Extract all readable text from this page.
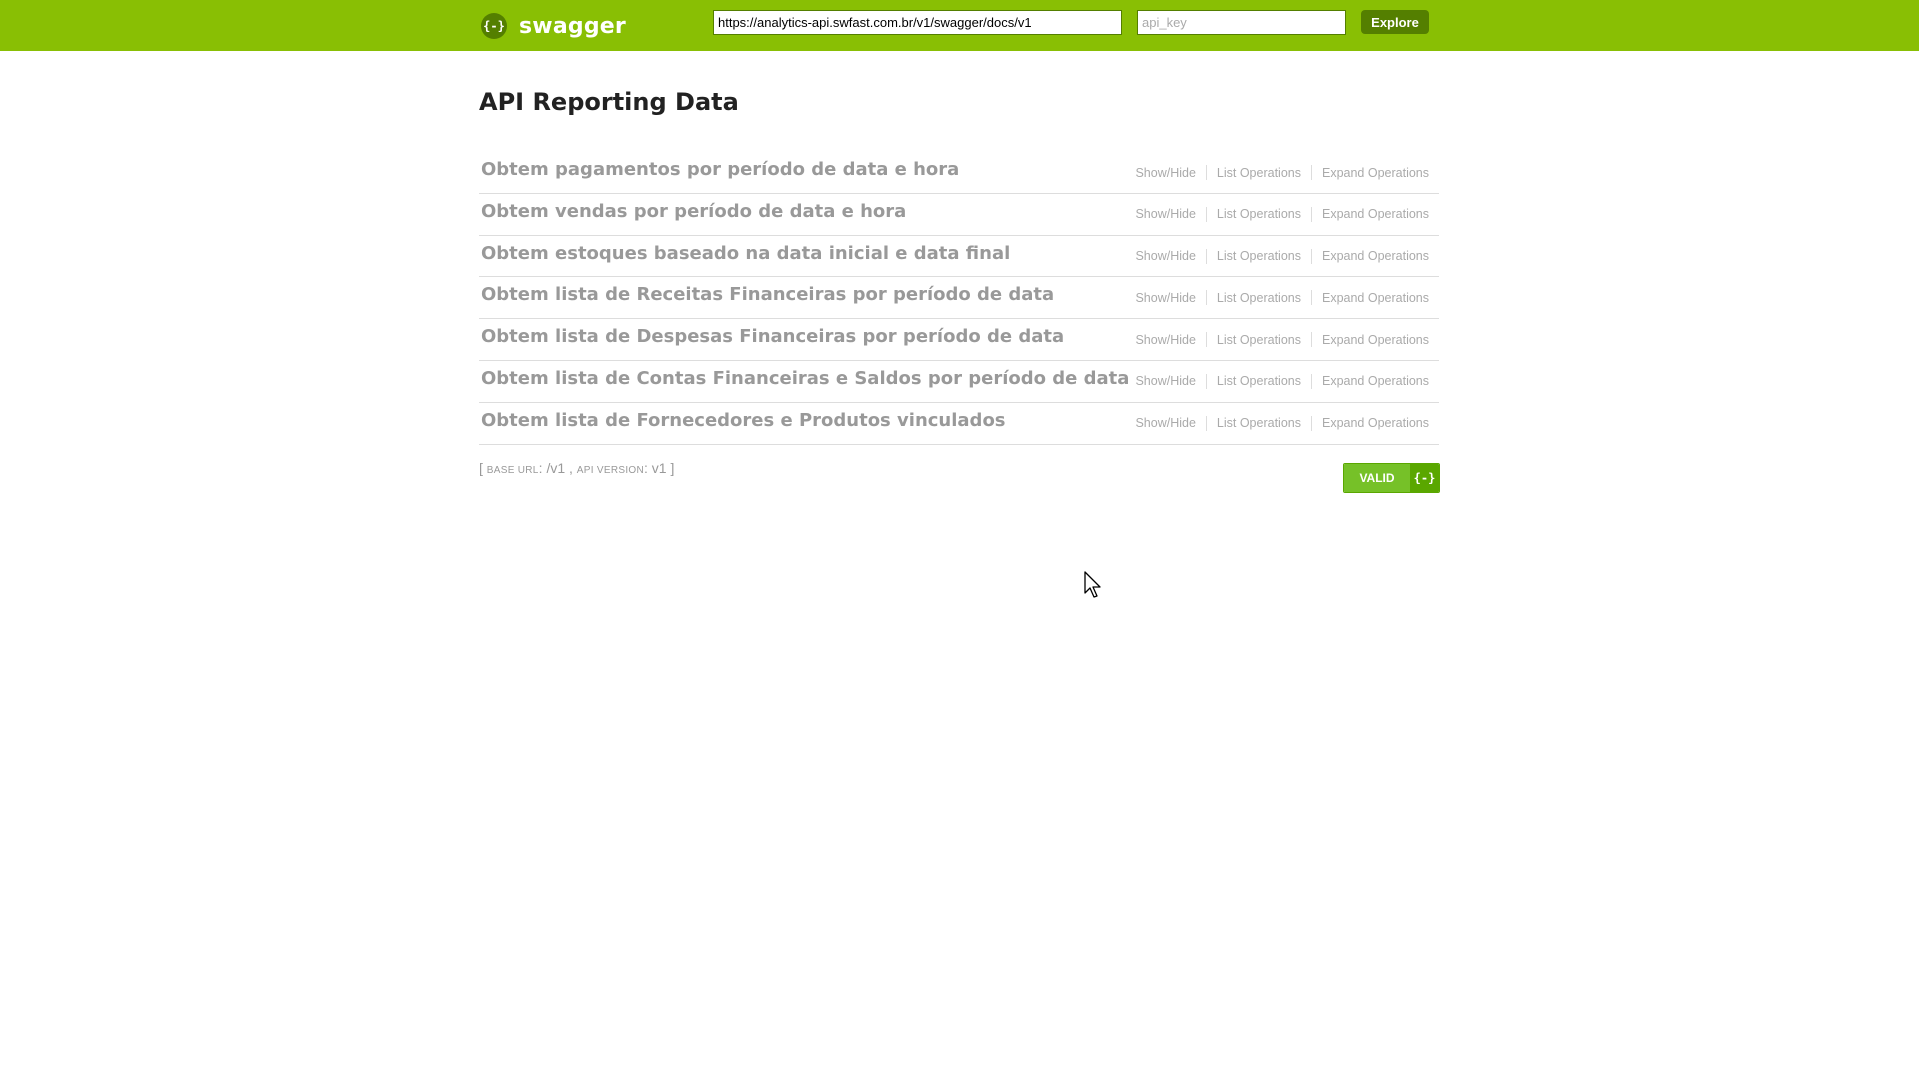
{-} swagger
https://analytics-api.swfast.com.br/v1/swagger/docs/v1
api_key	Explore
API Reporting Data
Obtem pagamentos por período de data e hora	Show/Hide List Operations Expand Operations
Obtem vendas por período de data e hora	Show/Hide List Operations Expand Operations
Obtem estoques baseado na data inicial e data final	Show/Hide List Operations Expand Operations
Obtem lista de Receitas Financeiras por período de data	Show/Hide List Operations Expand Operations
Obtem lista de Despesas Financeiras por período de data	Show/Hide List Operations Expand Operations
Obtem lista de Contas Financeiras e Saldos por período de data Show/Hide List Operations Expand Operations
Obtem lista de Fornecedores e Produtos vinculados	Show/Hide List Operations Expand Operations
[ BASE URL: /v1 , API VERSION: v1 ]
VALID	{-}
